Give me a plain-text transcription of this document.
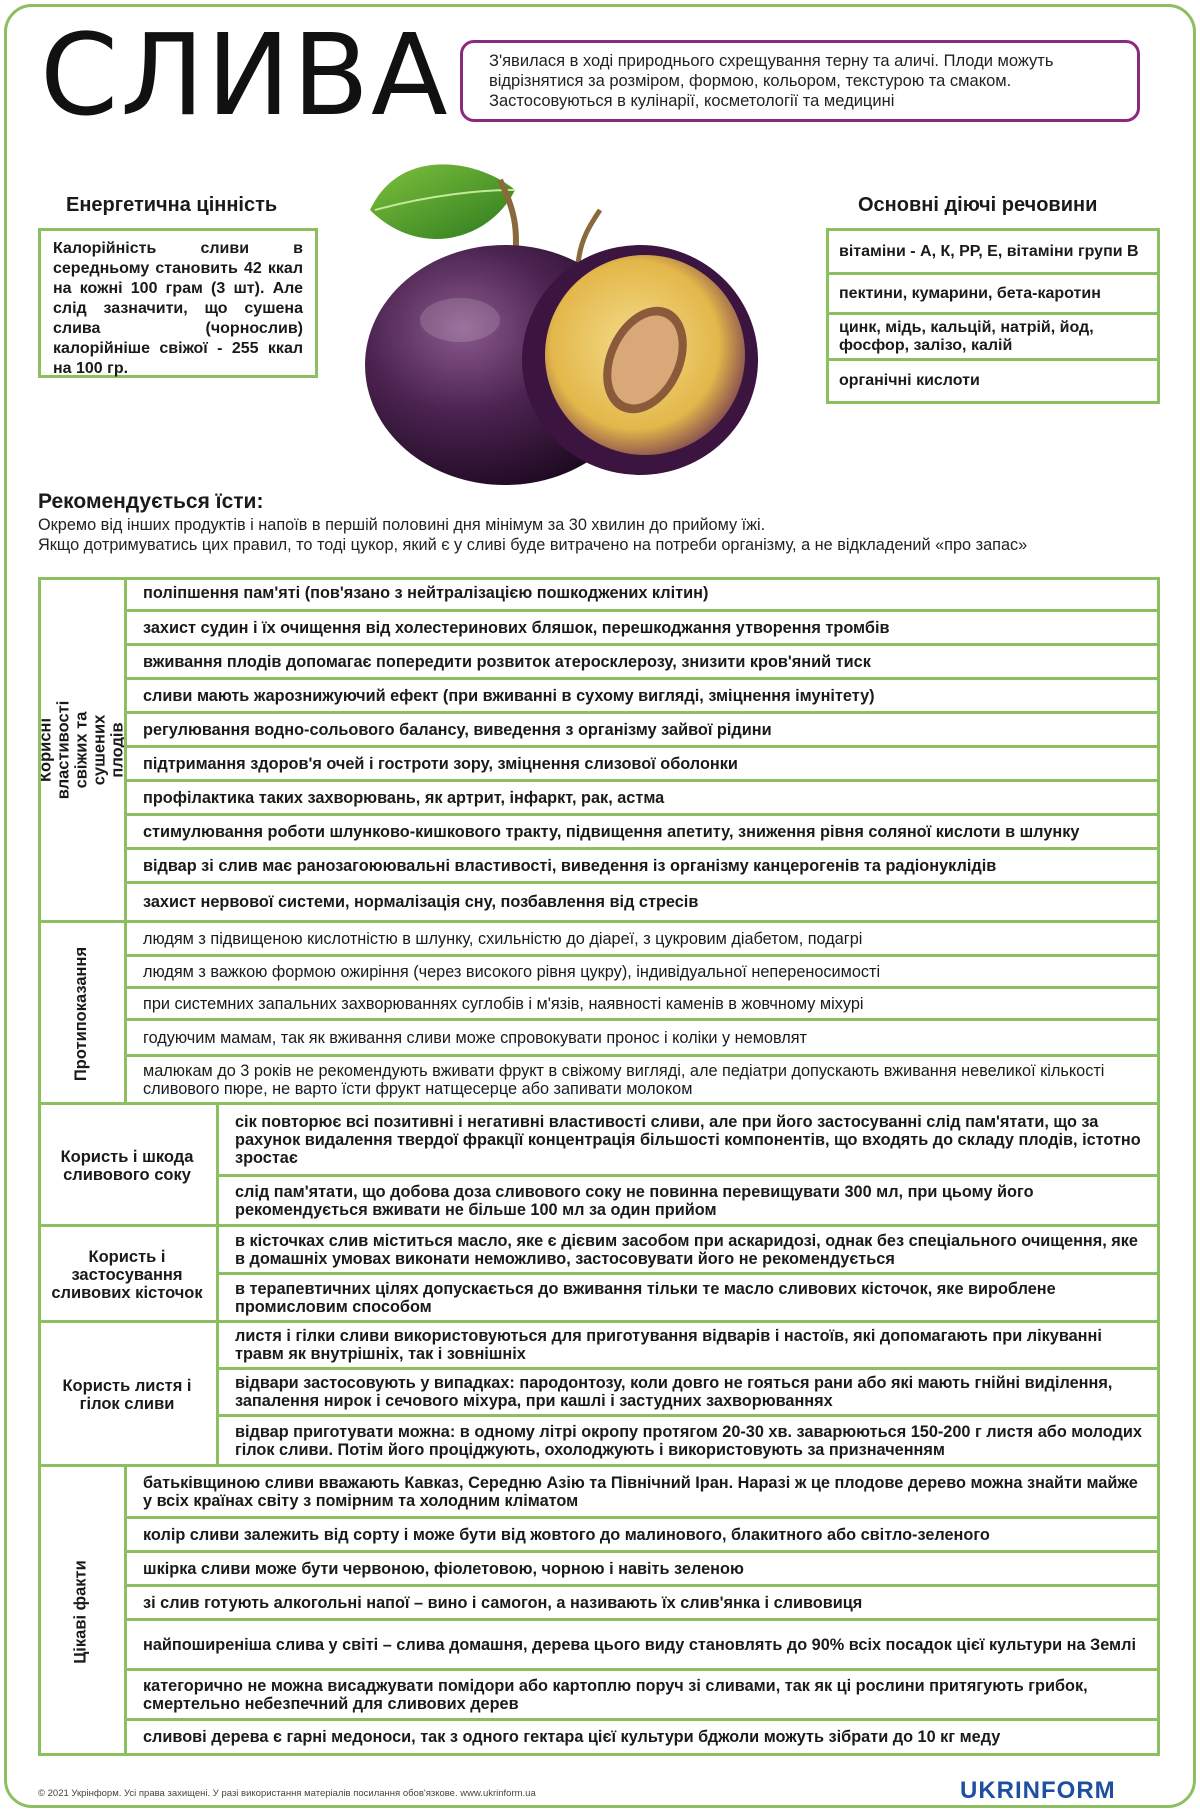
СЛИВА	З'явилася в ході природнього схрещування терну та аличі. Плоди можуть відрізнятися за розміром, формою, кольором, текстурою та смаком. Застосовуються в кулінарії, косметології та медицині
Енергетична цінність
Калорійність сливи в середньому становить 42 ккал на кожні 100 грам (3 шт). Але слід зазначити, що сушена слива (чорнослив) калорійніше свіжої - 255 ккал на 100 гр.
Основні діючі речовини
вітаміни - А, К, РР, Е, вітаміни групи В
пектини, кумарини, бета-каротин
цинк, мідь, кальцій, натрій, йод, фосфор, залізо, калій
органічні кислоти
Рекомендується їсти:
Окремо від інших продуктів і напоїв в першій половині дня мінімум за 30 хвилин до прийому їжі.
Якщо дотримуватись цих правил, то тоді цукор, який є у сливі буде витрачено на потреби організму, а не відкладений «про запас»
Корисні властивості свіжих та сушених плодів
поліпшення пам'яті (пов'язано з нейтралізацією пошкоджених клітин)
захист судин і їх очищення від холестеринових бляшок, перешкоджання утворення тромбів
вживання плодів допомагає попередити розвиток атеросклерозу, знизити кров'яний тиск
сливи мають жарознижуючий ефект (при вживанні в сухому вигляді, зміцнення імунітету)
регулювання водно-сольового балансу, виведення з організму зайвої рідини
підтримання здоров'я очей і гостроти зору, зміцнення слизової оболонки
профілактика таких захворювань, як артрит, інфаркт, рак, астма
стимулювання роботи шлунково-кишкового тракту, підвищення апетиту, зниження рівня соляної кислоти в шлунку
відвар зі слив має ранозагоюювальні властивості, виведення із організму канцерогенів та радіонуклідів
захист нервової системи, нормалізація сну, позбавлення від стресів
Протипоказання
людям з підвищеною кислотністю в шлунку, схильністю до діареї, з цукровим діабетом, подагрі
людям з важкою формою ожиріння (через високого рівня цукру), індивідуальної непереносимості
при системних запальних захворюваннях суглобів і м'язів, наявності каменів в жовчному міхурі
годуючим мамам, так як вживання сливи може спровокувати пронос і коліки у немовлят
малюкам до 3 років не рекомендують вживати фрукт в свіжому вигляді, але педіатри допускають вживання невеликої кількості сливового пюре, не варто їсти фрукт натщесерце або запивати молоком
Користь і шкода сливового соку
сік повторює всі позитивні і негативні властивості сливи, але при його застосуванні слід пам'ятати, що за рахунок видалення твердої фракції концентрація більшості компонентів, що входять до складу плодів, істотно зростає
слід пам'ятати, що добова доза сливового соку не повинна перевищувати 300 мл, при цьому його рекомендується вживати не більше 100 мл за один прийом
Користь і застосування сливових кісточок
в кісточках слив міститься масло, яке є дієвим засобом при аскаридозі, однак без спеціального очищення, яке в домашніх умовах виконати неможливо, застосовувати його не рекомендується
в терапевтичних цілях допускається до вживання тільки те масло сливових кісточок, яке вироблене промисловим способом
Користь листя і гілок сливи
листя і гілки сливи використовуються для приготування відварів і настоїв, які допомагають при лікуванні травм як внутрішніх, так і зовнішніх
відвари застосовують у випадках: пародонтозу, коли довго не гояться рани або які мають гнійні виділення, запалення нирок і сечового міхура, при кашлі і застудних захворюваннях
відвар приготувати можна: в одному літрі окропу протягом 20-30 хв. заварюються 150-200 г листя або молодих гілок сливи. Потім його проціджують, охолоджують і використовують за призначенням
Цікаві факти
батьківщиною сливи вважають Кавказ, Середню Азію та Північний Іран. Наразі ж це плодове дерево можна знайти майже у всіх країнах світу з помірним та холодним кліматом
колір сливи залежить від сорту і може бути від жовтого до малинового, блакитного або світло-зеленого
шкірка сливи може бути червоною, фіолетовою, чорною і навіть зеленою
зі слив готують алкогольні напої – вино і самогон, а називають їх слив'янка і сливовиця
найпоширеніша слива у світі – слива домашня, дерева цього виду становлять до 90% всіх посадок цієї культури на Землі
категорично не можна висаджувати помідори або картоплю поруч зі сливами, так як ці рослини притягують грибок, смертельно небезпечний для сливових дерев
сливові дерева є гарні медоноси, так з одного гектара цієї культури бджоли можуть зібрати до 10 кг меду
© 2021 Укрінформ. Усі права захищені. У разі використання матеріалів посилання обов'язкове. www.ukrinform.ua	UKRINFORM
